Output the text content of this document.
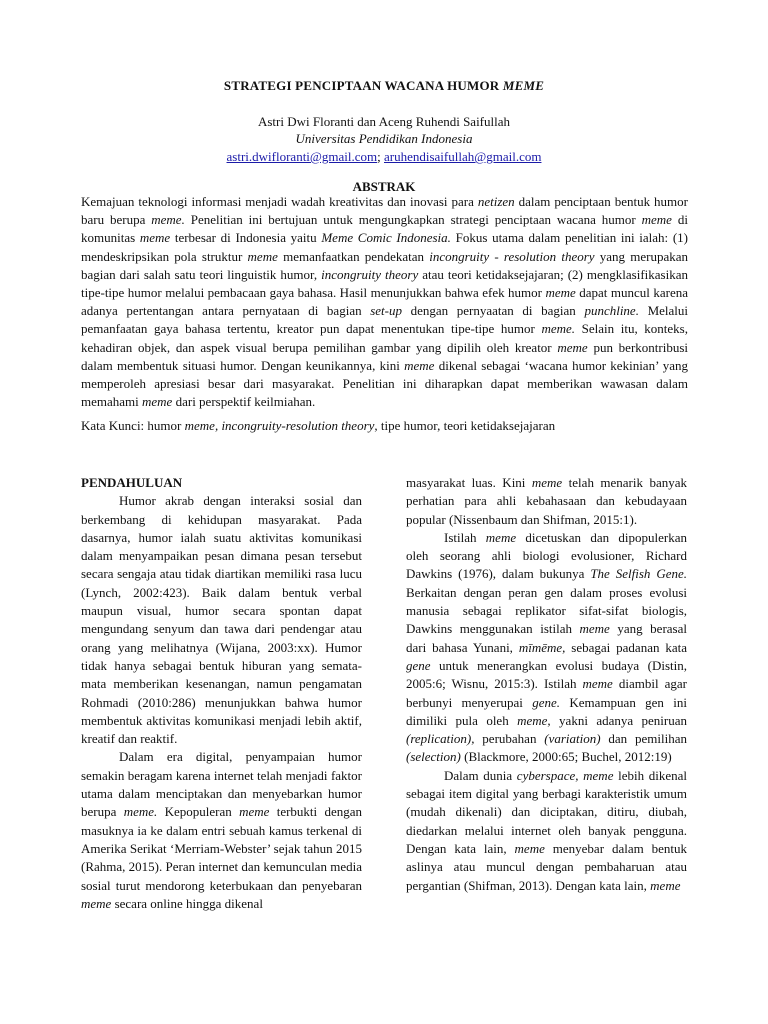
STRATEGI PENCIPTAAN WACANA HUMOR MEME
Astri Dwi Floranti dan Aceng Ruhendi Saifullah
Universitas Pendidikan Indonesia
astri.dwifloranti@gmail.com; aruhendisaifullah@gmail.com
ABSTRAK

Kemajuan teknologi informasi menjadi wadah kreativitas dan inovasi para netizen dalam penciptaan bentuk humor baru berupa meme. Penelitian ini bertujuan untuk mengungkapkan strategi penciptaan wacana humor meme di komunitas meme terbesar di Indonesia yaitu Meme Comic Indonesia. Fokus utama dalam penelitian ini ialah: (1) mendeskripsikan pola struktur meme memanfaatkan pendekatan incongruity - resolution theory yang merupakan bagian dari salah satu teori linguistik humor, incongruity theory atau teori ketidaksejajaran; (2) mengklasifikasikan tipe-tipe humor melalui pembacaan gaya bahasa. Hasil menunjukkan bahwa efek humor meme dapat muncul karena adanya pertentangan antara pernyataan di bagian set-up dengan pernyaatan di bagian punchline. Melalui pemanfaatan gaya bahasa tertentu, kreator pun dapat menentukan tipe-tipe humor meme. Selain itu, konteks, kehadiran objek, dan aspek visual berupa pemilihan gambar yang dipilih oleh kreator meme pun berkontribusi dalam membentuk situasi humor. Dengan keunikannya, kini meme dikenal sebagai ‘wacana humor kekinian’ yang memperoleh apresiasi besar dari masyarakat. Penelitian ini diharapkan dapat memberikan wawasan dalam memahami meme dari perspektif keilmiahan.

Kata Kunci: humor meme, incongruity-resolution theory, tipe humor, teori ketidaksejajaran

PENDAHULUAN

Humor akrab dengan interaksi sosial dan berkembang di kehidupan masyarakat. Pada dasarnya, humor ialah suatu aktivitas komunikasi dalam menyampaikan pesan dimana pesan tersebut secara sengaja atau tidak diartikan memiliki rasa lucu (Lynch, 2002:423). Baik dalam bentuk verbal maupun visual, humor secara spontan dapat mengundang senyum dan tawa dari pendengar atau orang yang melihatnya (Wijana, 2003:xx). Humor tidak hanya sebagai bentuk hiburan yang semata-mata memberikan kesenangan, namun pengamatan Rohmadi (2010:286) menunjukkan bahwa humor membentuk aktivitas komunikasi menjadi lebih aktif, kreatif dan reaktif.

Dalam era digital, penyampaian humor semakin beragam karena internet telah menjadi faktor utama dalam menciptakan dan menyebarkan humor berupa meme. Kepopuleran meme terbukti dengan masuknya ia ke dalam entri sebuah kamus terkenal di Amerika Serikat ‘Merriam-Webster’ sejak tahun 2015 (Rahma, 2015). Peran internet dan kemunculan media sosial turut mendorong keterbukaan dan penyebaran meme secara online hingga dikenal

masyarakat luas. Kini meme telah menarik banyak perhatian para ahli kebahasaan dan kebudayaan popular (Nissenbaum dan Shifman, 2015:1).

Istilah meme dicetuskan dan dipopulerkan oleh seorang ahli biologi evolusioner, Richard Dawkins (1976), dalam bukunya The Selfish Gene. Berkaitan dengan peran gen dalam proses evolusi manusia sebagai replikator sifat-sifat biologis, Dawkins menggunakan istilah meme yang berasal dari bahasa Yunani, mīmēme, sebagai padanan kata gene untuk menerangkan evolusi budaya (Distin, 2005:6; Wisnu, 2015:3). Istilah meme diambil agar berbunyi menyerupai gene. Kemampuan gen ini dimiliki pula oleh meme, yakni adanya peniruan (replication), perubahan (variation) dan pemilihan (selection) (Blackmore, 2000:65; Buchel, 2012:19)

Dalam dunia cyberspace, meme lebih dikenal sebagai item digital yang berbagi karakteristik umum (mudah dikenali) dan diciptakan, ditiru, diubah, diedarkan melalui internet oleh banyak pengguna. Dengan kata lain, meme menyebar dalam bentuk aslinya atau muncul dengan pembaharuan atau pergantian (Shifman, 2013). Dengan kata lain, meme
